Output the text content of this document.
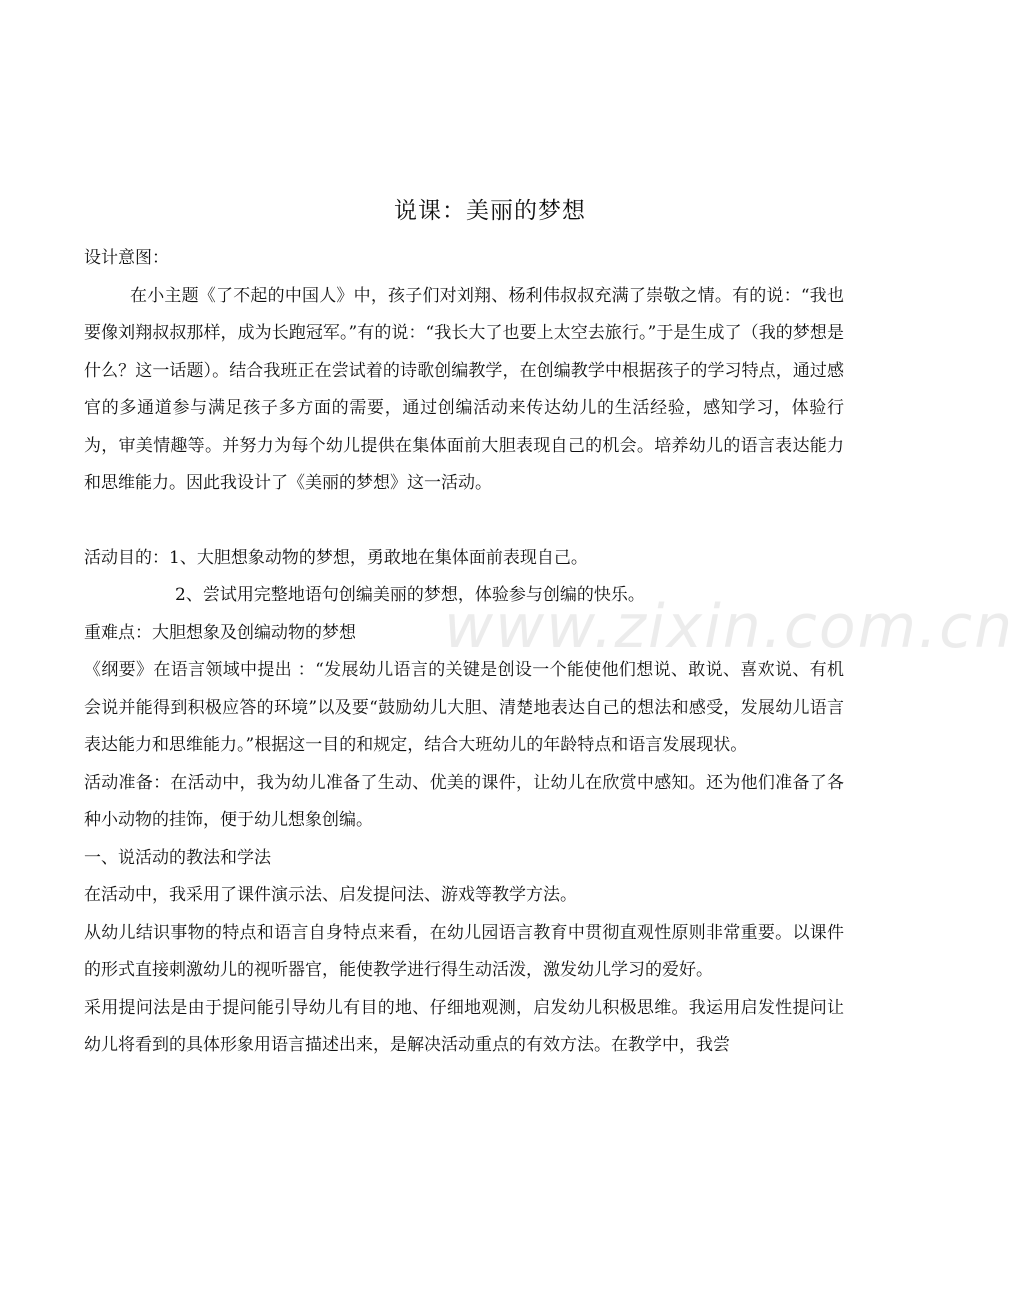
说课：美丽的梦想

设计意图：

在小主题《了不起的中国人》中，孩子们对刘翔、杨利伟叔叔充满了崇敬之情。有的说：“我也要像刘翔叔叔那样，成为长跑冠军。”有的说：“我长大了也要上太空去旅行。”于是生成了（我的梦想是什么？这一话题）。结合我班正在尝试着的诗歌创编教学，在创编教学中根据孩子的学习特点，通过感官的多通道参与满足孩子多方面的需要，通过创编活动来传达幼儿的生活经验，感知学习，体验行为，审美情趣等。并努力为每个幼儿提供在集体面前大胆表现自己的机会。培养幼儿的语言表达能力和思维能力。因此我设计了《美丽的梦想》这一活动。

活动目的：1、大胆想象动物的梦想，勇敢地在集体面前表现自己。

2、尝试用完整地语句创编美丽的梦想，体验参与创编的快乐。

重难点：大胆想象及创编动物的梦想

《纲要》在语言领域中提出 ：“发展幼儿语言的关键是创设一个能使他们想说、敢说、喜欢说、有机会说并能得到积极应答的环境”以及要“鼓励幼儿大胆、清楚地表达自己的想法和感受，发展幼儿语言表达能力和思维能力。”根据这一目的和规定，结合大班幼儿的年龄特点和语言发展现状。

活动准备：在活动中，我为幼儿准备了生动、优美的课件，让幼儿在欣赏中感知。还为他们准备了各种小动物的挂饰，便于幼儿想象创编。

一、说活动的教法和学法

在活动中，我采用了课件演示法、启发提问法、游戏等教学方法。

从幼儿结识事物的特点和语言自身特点来看，在幼儿园语言教育中贯彻直观性原则非常重要。以课件的形式直接刺激幼儿的视听器官，能使教学进行得生动活泼，激发幼儿学习的爱好。

采用提问法是由于提问能引导幼儿有目的地、仔细地观测，启发幼儿积极思维。我运用启发性提问让幼儿将看到的具体形象用语言描述出来，是解决活动重点的有效方法。在教学中，我尝

www.zixin.com.cn
